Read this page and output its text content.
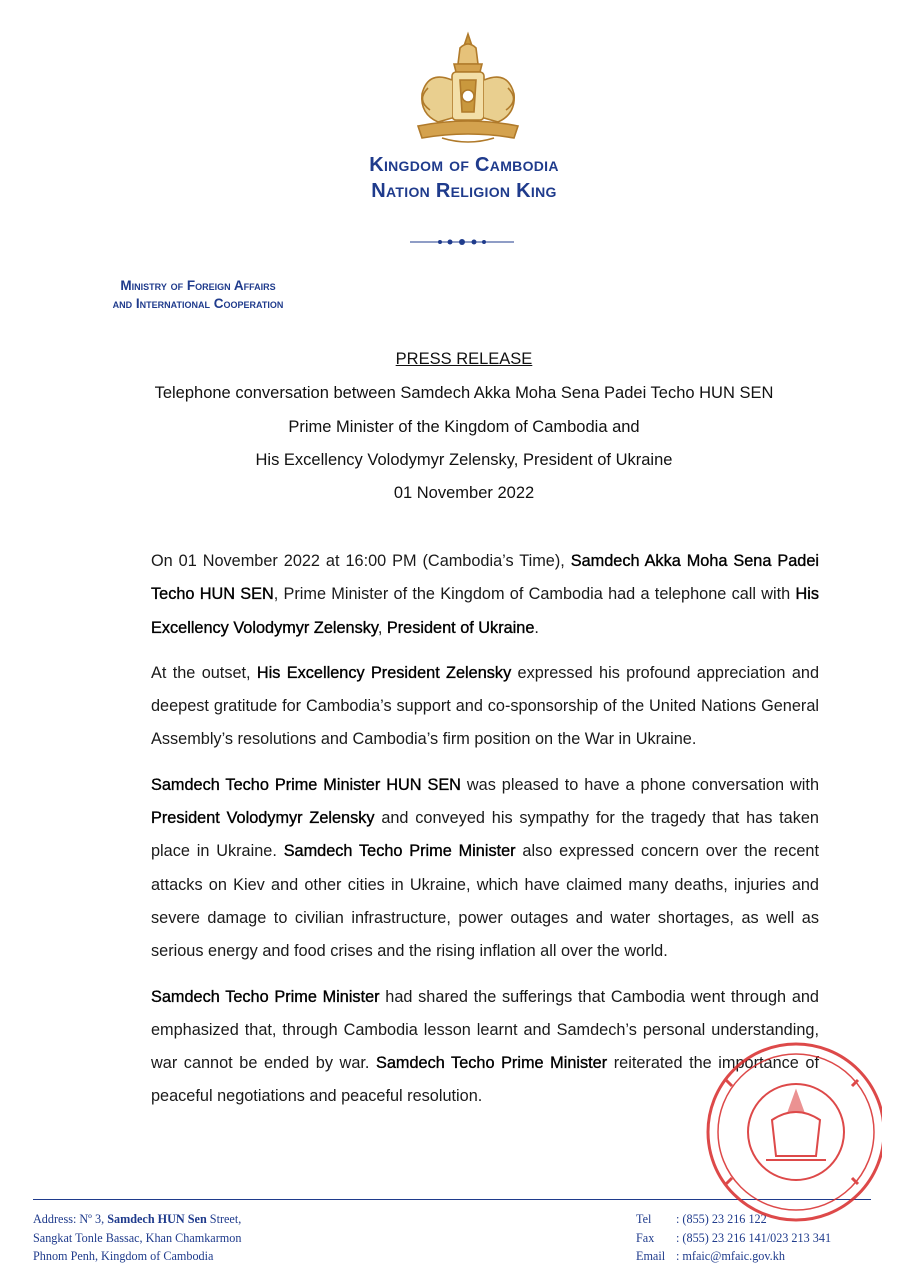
Kingdom of Cambodia
Nation Religion King
Ministry of Foreign Affairs
and International Cooperation
PRESS RELEASE
Telephone conversation between Samdech Akka Moha Sena Padei Techo HUN SEN
Prime Minister of the Kingdom of Cambodia and
His Excellency Volodymyr Zelensky, President of Ukraine
01 November 2022

On 01 November 2022 at 16:00 PM (Cambodia’s Time), Samdech Akka Moha Sena Padei Techo HUN SEN, Prime Minister of the Kingdom of Cambodia had a telephone call with His Excellency Volodymyr Zelensky, President of Ukraine.

At the outset, His Excellency President Zelensky expressed his profound appreciation and deepest gratitude for Cambodia’s support and co-sponsorship of the United Nations General Assembly’s resolutions and Cambodia’s firm position on the War in Ukraine.

Samdech Techo Prime Minister HUN SEN was pleased to have a phone conversation with President Volodymyr Zelensky and conveyed his sympathy for the tragedy that has taken place in Ukraine. Samdech Techo Prime Minister also expressed concern over the recent attacks on Kiev and other cities in Ukraine, which have claimed many deaths, injuries and severe damage to civilian infrastructure, power outages and water shortages, as well as serious energy and food crises and the rising inflation all over the world.

Samdech Techo Prime Minister had shared the sufferings that Cambodia went through and emphasized that, through Cambodia lesson learnt and Samdech’s personal understanding, war cannot be ended by war. Samdech Techo Prime Minister reiterated the importance of peaceful negotiations and peaceful resolution.

Address: Nº 3, Samdech HUN Sen Street,
Sangkat Tonle Bassac, Khan Chamkarmon
Phnom Penh, Kingdom of Cambodia
Tel : (855) 23 216 122
Fax : (855) 23 216 141/023 213 341
Email : mfaic@mfaic.gov.kh
